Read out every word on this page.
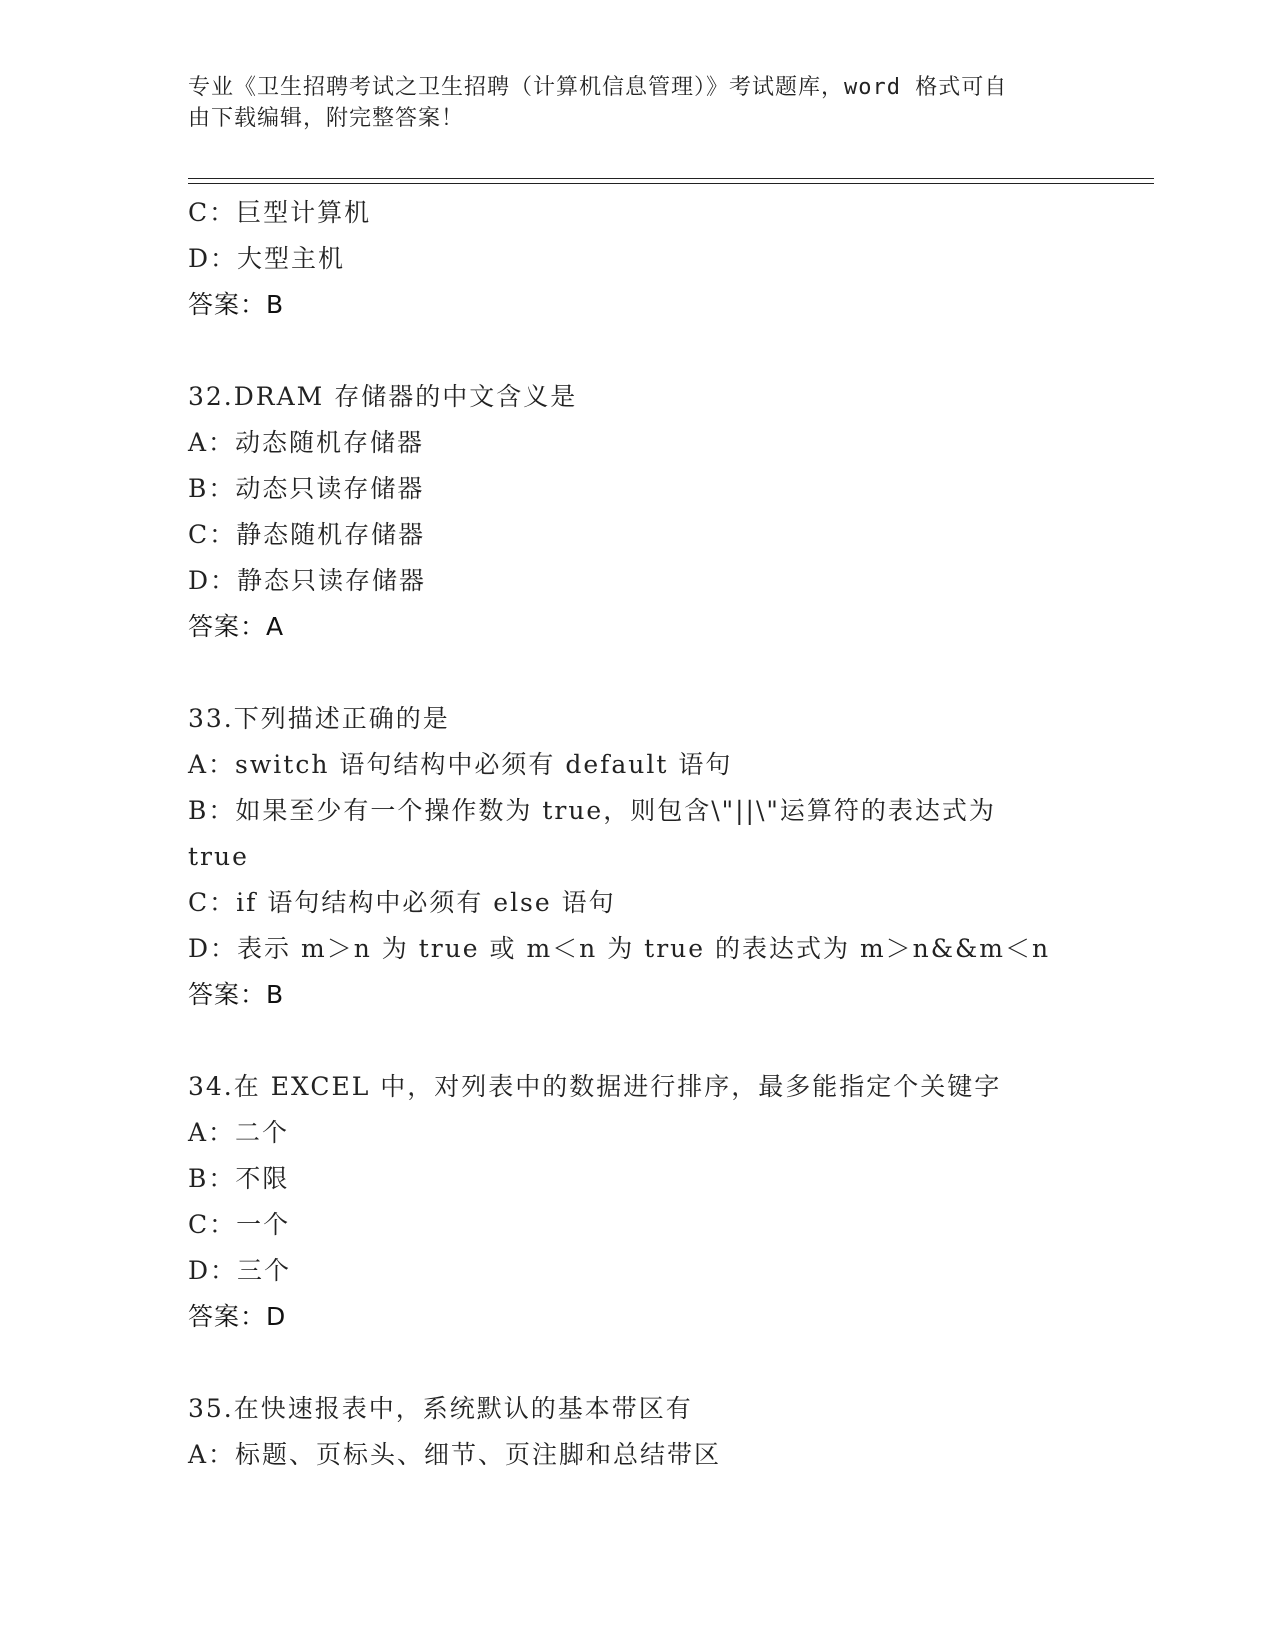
专业《卫生招聘考试之卫生招聘（计算机信息管理）》考试题库，word 格式可自
由下载编辑，附完整答案！
C：巨型计算机
D：大型主机
答案：B
32.DRAM 存储器的中文含义是
A：动态随机存储器
B：动态只读存储器
C：静态随机存储器
D：静态只读存储器
答案：A
33.下列描述正确的是
A：switch 语句结构中必须有 default 语句
B：如果至少有一个操作数为 true，则包含\"||\"运算符的表达式为
true
C：if 语句结构中必须有 else 语句
D：表示 m＞n 为 true 或 m＜n 为 true 的表达式为 m＞n&&m＜n
答案：B
34.在 EXCEL 中，对列表中的数据进行排序，最多能指定个关键字
A：二个
B：不限
C：一个
D：三个
答案：D
35.在快速报表中，系统默认的基本带区有
A：标题、页标头、细节、页注脚和总结带区
